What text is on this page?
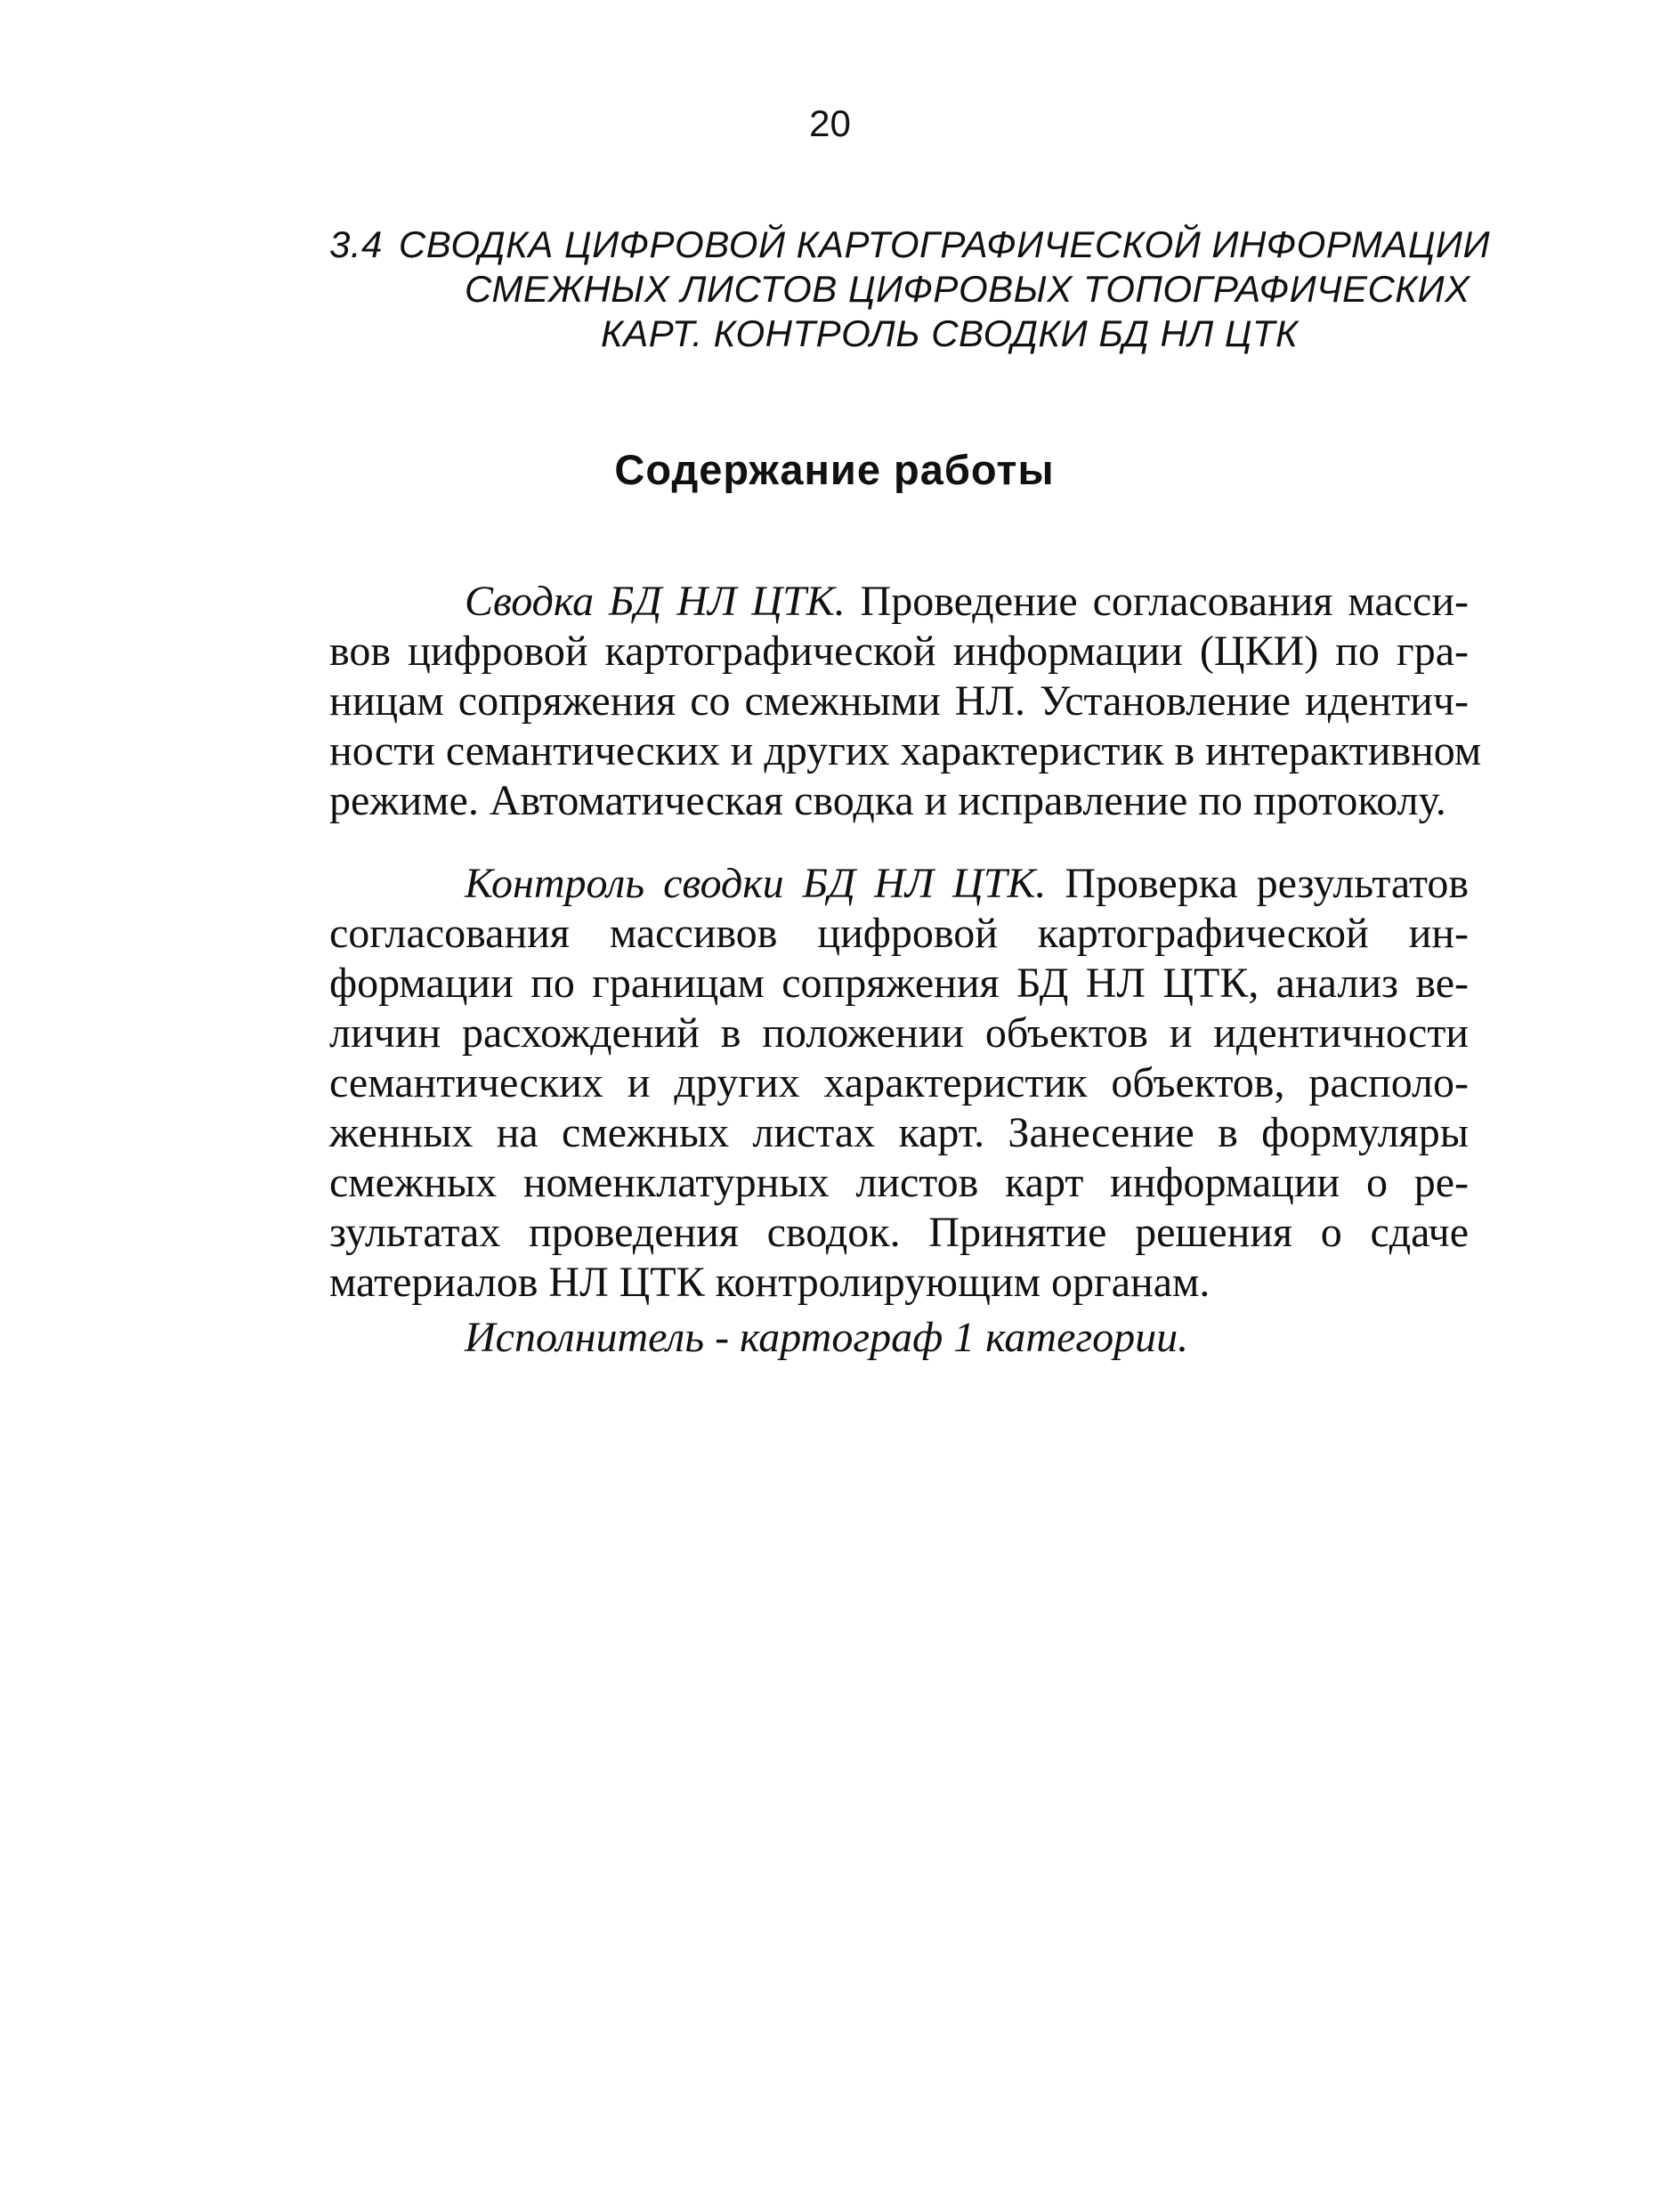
20
3.4 СВОДКА ЦИФРОВОЙ КАРТОГРАФИЧЕСКОЙ ИНФОРМАЦИИ
СМЕЖНЫХ ЛИСТОВ ЦИФРОВЫХ ТОПОГРАФИЧЕСКИХ
КАРТ. КОНТРОЛЬ СВОДКИ БД НЛ ЦТК
Содержание работы
Сводка БД НЛ ЦТК. Проведение согласования масси-
вов цифровой картографической информации (ЦКИ) по гра-
ницам сопряжения со смежными НЛ. Установление идентич-
ности семантических и других характеристик в интерактивном
режиме. Автоматическая сводка и исправление по протоколу.
Контроль сводки БД НЛ ЦТК. Проверка результатов
согласования массивов цифровой картографической ин-
формации по границам сопряжения БД НЛ ЦТК, анализ ве-
личин расхождений в положении объектов и идентичности
семантических и других характеристик объектов, располо-
женных на смежных листах карт. Занесение в формуляры
смежных номенклатурных листов карт информации о ре-
зультатах проведения сводок. Принятие решения о сдаче
материалов НЛ ЦТК контролирующим органам.
Исполнитель - картограф 1 категории.
